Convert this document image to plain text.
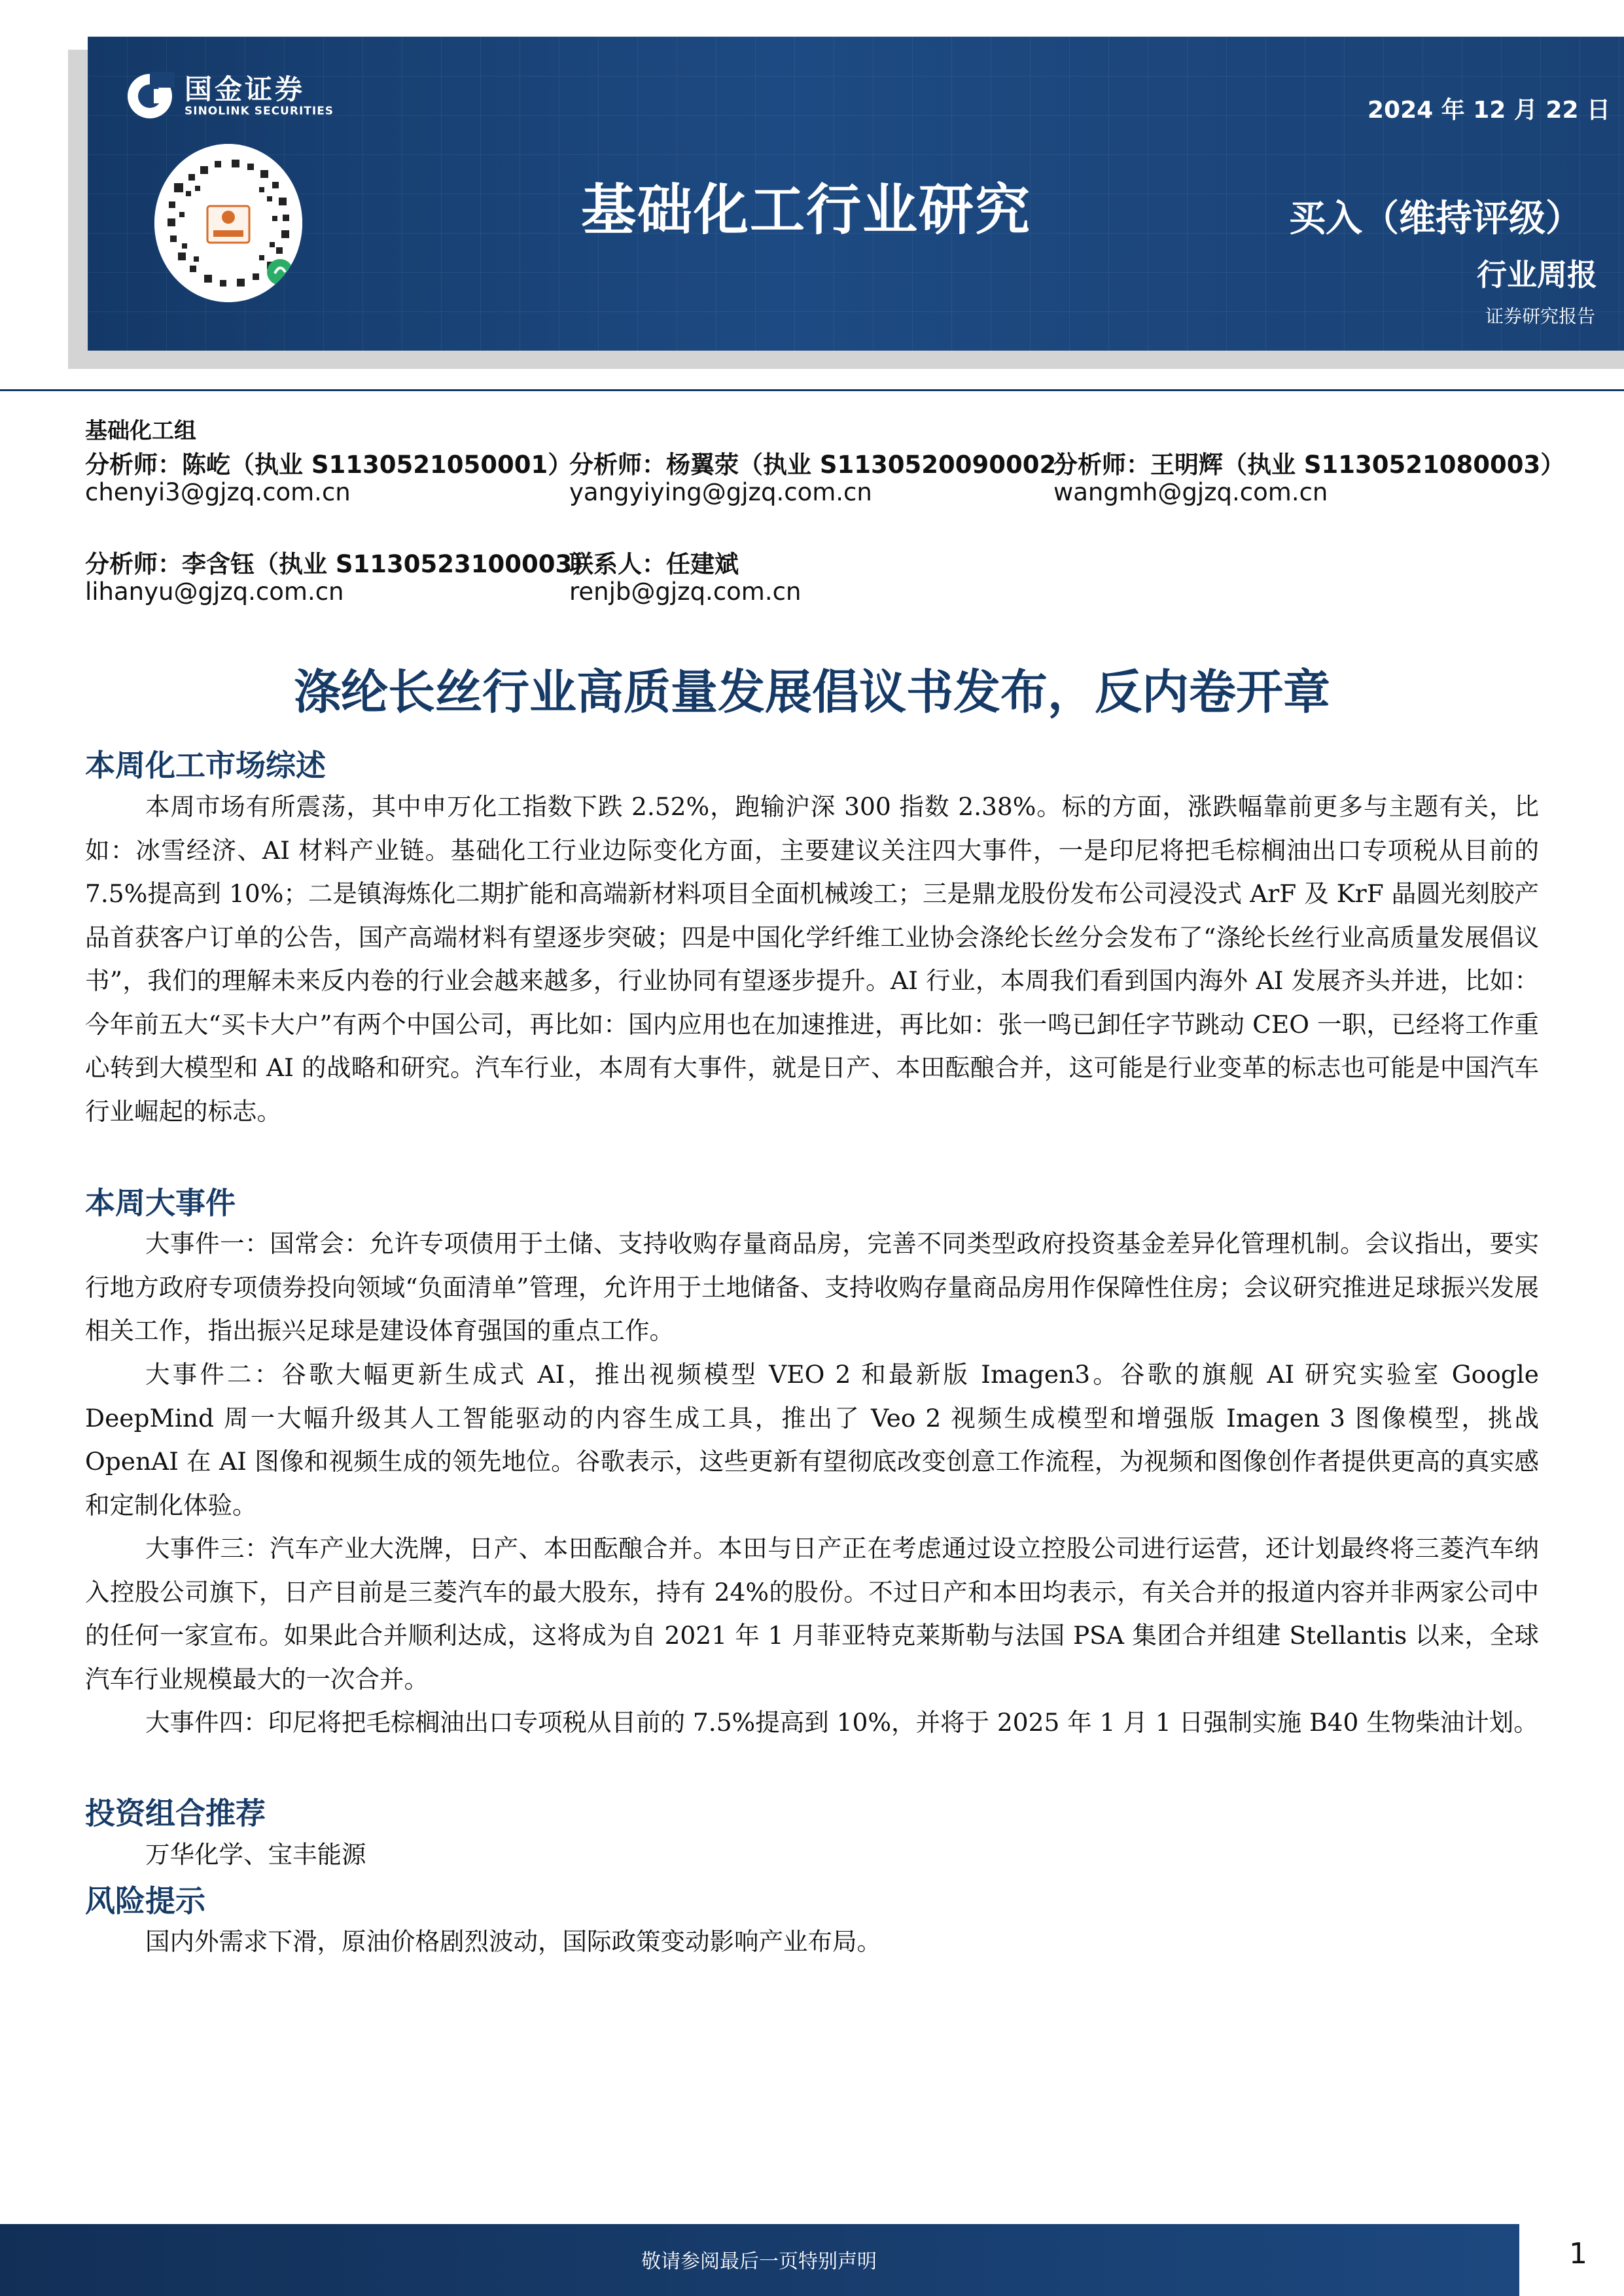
国金证券
SINOLINK SECURITIES	2024 年 12 月 22 日
基础化工行业研究	买入（维持评级）
行业周报
证券研究报告
基础化工组
分析师：陈屹（执业 S1130521050001）
chenyi3@gjzq.com.cn
分析师：杨翼荥（执业 S1130520090002）
yangyiying@gjzq.com.cn
分析师：王明辉（执业 S1130521080003）
wangmh@gjzq.com.cn
分析师：李含钰（执业 S1130523100003）
lihanyu@gjzq.com.cn
联系人：任建斌
renjb@gjzq.com.cn
涤纶长丝行业高质量发展倡议书发布，反内卷开章
本周化工市场综述

本周市场有所震荡，其中申万化工指数下跌 2.52%，跑输沪深 300 指数 2.38%。标的方面，涨跌幅靠前更多与主题有关，比如：冰雪经济、AI 材料产业链。基础化工行业边际变化方面，主要建议关注四大事件，一是印尼将把毛棕榈油出口专项税从目前的 7.5%提高到 10%；二是镇海炼化二期扩能和高端新材料项目全面机械竣工；三是鼎龙股份发布公司浸没式 ArF 及 KrF 晶圆光刻胶产品首获客户订单的公告，国产高端材料有望逐步突破；四是中国化学纤维工业协会涤纶长丝分会发布了“涤纶长丝行业高质量发展倡议书”，我们的理解未来反内卷的行业会越来越多，行业协同有望逐步提升。AI 行业，本周我们看到国内海外 AI 发展齐头并进，比如：今年前五大“买卡大户”有两个中国公司，再比如：国内应用也在加速推进，再比如：张一鸣已卸任字节跳动 CEO 一职，已经将工作重心转到大模型和 AI 的战略和研究。汽车行业，本周有大事件，就是日产、本田酝酿合并，这可能是行业变革的标志也可能是中国汽车行业崛起的标志。

本周大事件

大事件一：国常会：允许专项债用于土储、支持收购存量商品房，完善不同类型政府投资基金差异化管理机制。会议指出，要实行地方政府专项债券投向领域“负面清单”管理，允许用于土地储备、支持收购存量商品房用作保障性住房；会议研究推进足球振兴发展相关工作，指出振兴足球是建设体育强国的重点工作。

大事件二：谷歌大幅更新生成式 AI，推出视频模型 VEO 2 和最新版 Imagen3。谷歌的旗舰 AI 研究实验室 Google DeepMind 周一大幅升级其人工智能驱动的内容生成工具，推出了 Veo 2 视频生成模型和增强版 Imagen 3 图像模型，挑战 OpenAI 在 AI 图像和视频生成的领先地位。谷歌表示，这些更新有望彻底改变创意工作流程，为视频和图像创作者提供更高的真实感和定制化体验。

大事件三：汽车产业大洗牌，日产、本田酝酿合并。本田与日产正在考虑通过设立控股公司进行运营，还计划最终将三菱汽车纳入控股公司旗下，日产目前是三菱汽车的最大股东，持有 24%的股份。不过日产和本田均表示，有关合并的报道内容并非两家公司中的任何一家宣布。如果此合并顺利达成，这将成为自 2021 年 1 月菲亚特克莱斯勒与法国 PSA 集团合并组建 Stellantis 以来，全球汽车行业规模最大的一次合并。

大事件四：印尼将把毛棕榈油出口专项税从目前的 7.5%提高到 10%，并将于 2025 年 1 月 1 日强制实施 B40 生物柴油计划。

投资组合推荐

万华化学、宝丰能源

风险提示

国内外需求下滑，原油价格剧烈波动，国际政策变动影响产业布局。

敬请参阅最后一页特别声明	1
